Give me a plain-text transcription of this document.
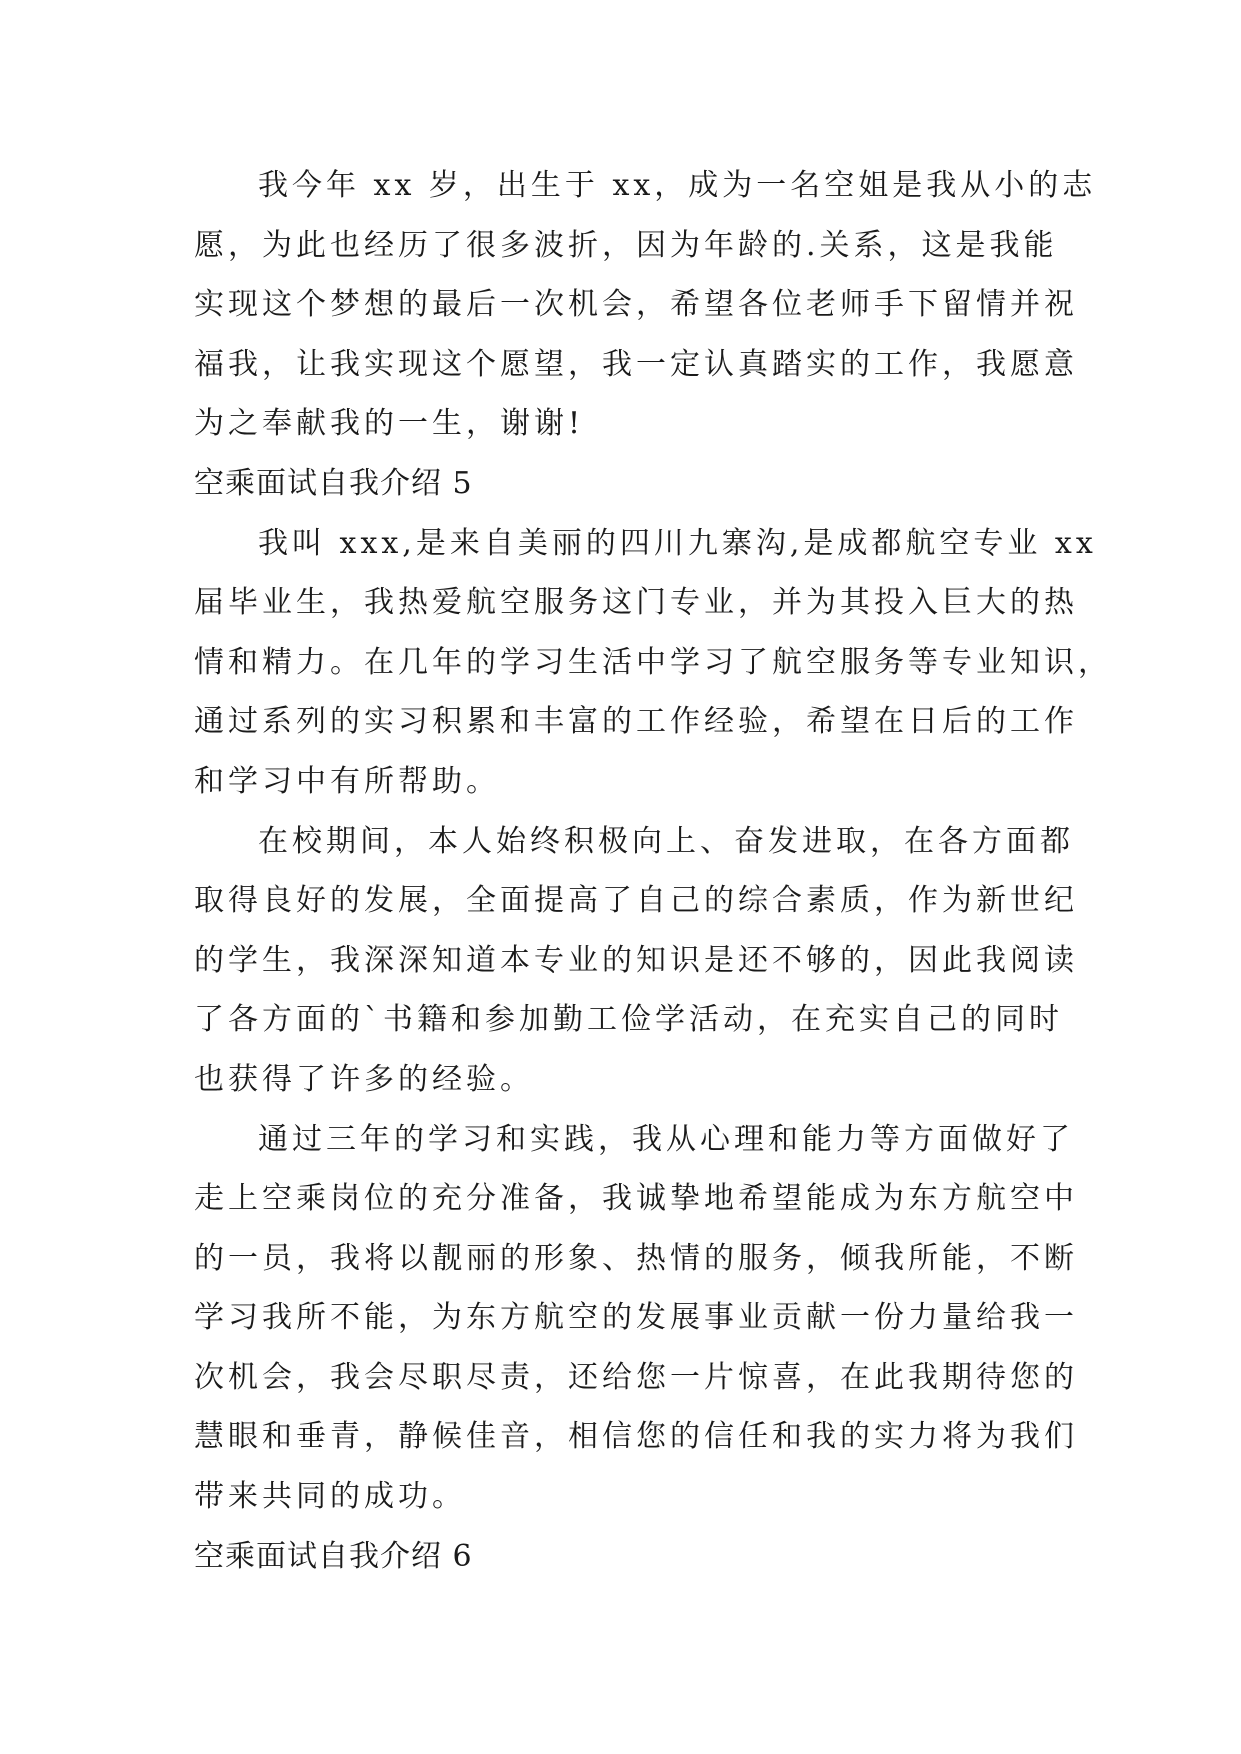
我今年 xx 岁，出生于 xx，成为一名空姐是我从小的志
愿，为此也经历了很多波折，因为年龄的.关系，这是我能
实现这个梦想的最后一次机会，希望各位老师手下留情并祝
福我，让我实现这个愿望，我一定认真踏实的工作，我愿意
为之奉献我的一生，谢谢!
空乘面试自我介绍 5
我叫 xxx,是来自美丽的四川九寨沟,是成都航空专业 xx
届毕业生，我热爱航空服务这门专业，并为其投入巨大的热
情和精力。在几年的学习生活中学习了航空服务等专业知识，
通过系列的实习积累和丰富的工作经验，希望在日后的工作
和学习中有所帮助。
在校期间，本人始终积极向上、奋发进取，在各方面都
取得良好的发展，全面提高了自己的综合素质，作为新世纪
的学生，我深深知道本专业的知识是还不够的，因此我阅读
了各方面的`书籍和参加勤工俭学活动，在充实自己的同时
也获得了许多的经验。
通过三年的学习和实践，我从心理和能力等方面做好了
走上空乘岗位的充分准备，我诚挚地希望能成为东方航空中
的一员，我将以靓丽的形象、热情的服务，倾我所能，不断
学习我所不能，为东方航空的发展事业贡献一份力量给我一
次机会，我会尽职尽责，还给您一片惊喜，在此我期待您的
慧眼和垂青，静候佳音，相信您的信任和我的实力将为我们
带来共同的成功。
空乘面试自我介绍 6
